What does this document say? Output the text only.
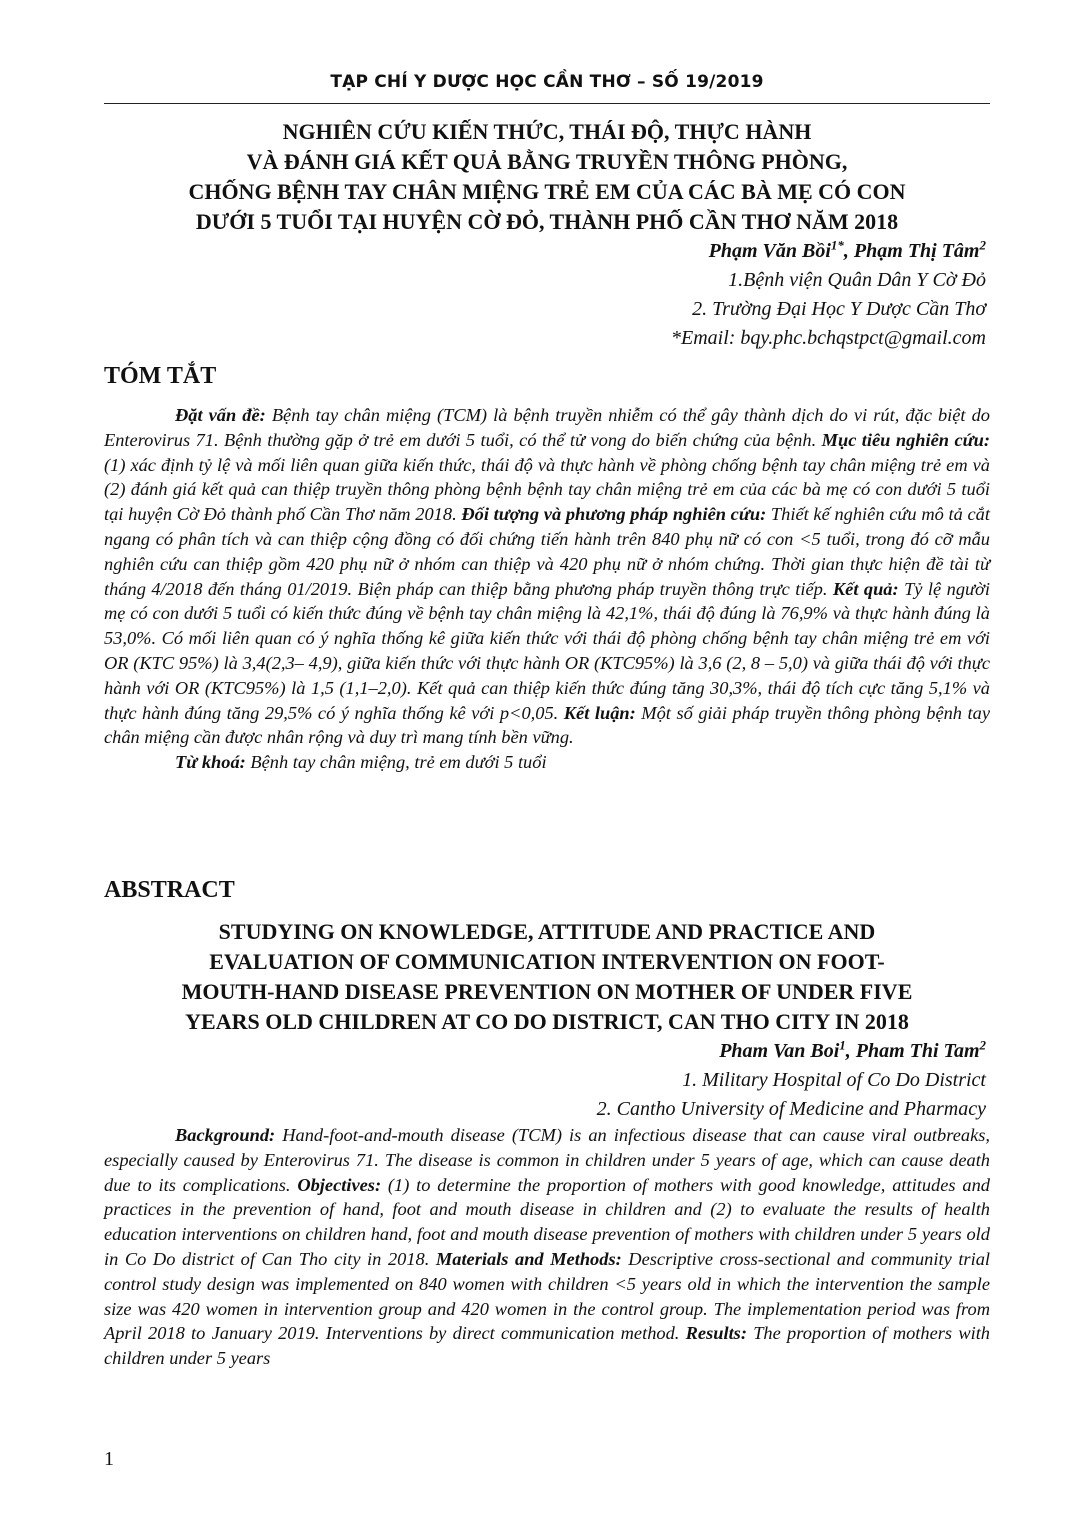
TẠP CHÍ Y DƯỢC HỌC CẦN THƠ – SỐ 19/2019
NGHIÊN CỨU KIẾN THỨC, THÁI ĐỘ, THỰC HÀNH
VÀ ĐÁNH GIÁ KẾT QUẢ BẰNG TRUYỀN THÔNG PHÒNG,
CHỐNG BỆNH TAY CHÂN MIỆNG TRẺ EM CỦA CÁC BÀ MẸ CÓ CON
DƯỚI 5 TUỔI TẠI HUYỆN CỜ ĐỎ, THÀNH PHỐ CẦN THƠ NĂM 2018
Phạm Văn Bồi$^{1*}$, Phạm Thị Tâm$^2$
1.Bệnh viện Quân Dân Y Cờ Đỏ
2. Trường Đại Học Y Dược Cần Thơ
*Email: bqy.phc.bchqstpct@gmail.com
TÓM TẮT

Đặt vấn đề: Bệnh tay chân miệng (TCM) là bệnh truyền nhiễm có thể gây thành dịch do vi rút, đặc biệt do Enterovirus 71. Bệnh thường gặp ở trẻ em dưới 5 tuổi, có thể tử vong do biến chứng của bệnh. Mục tiêu nghiên cứu: (1) xác định tỷ lệ và mối liên quan giữa kiến thức, thái độ và thực hành về phòng chống bệnh tay chân miệng trẻ em và (2) đánh giá kết quả can thiệp truyền thông phòng bệnh bệnh tay chân miệng trẻ em của các bà mẹ có con dưới 5 tuổi tại huyện Cờ Đỏ thành phố Cần Thơ năm 2018. Đối tượng và phương pháp nghiên cứu: Thiết kế nghiên cứu mô tả cắt ngang có phân tích và can thiệp cộng đồng có đối chứng tiến hành trên 840 phụ nữ có con <5 tuổi, trong đó cỡ mẫu nghiên cứu can thiệp gồm 420 phụ nữ ở nhóm can thiệp và 420 phụ nữ ở nhóm chứng. Thời gian thực hiện đề tài từ tháng 4/2018 đến tháng 01/2019. Biện pháp can thiệp bằng phương pháp truyền thông trực tiếp. Kết quả: Tỷ lệ người mẹ có con dưới 5 tuổi có kiến thức đúng về bệnh tay chân miệng là 42,1%, thái độ đúng là 76,9% và thực hành đúng là 53,0%. Có mối liên quan có ý nghĩa thống kê giữa kiến thức với thái độ phòng chống bệnh tay chân miệng trẻ em với OR (KTC 95%) là 3,4(2,3– 4,9), giữa kiến thức với thực hành OR (KTC95%) là 3,6 (2, 8 – 5,0) và giữa thái độ với thực hành với OR (KTC95%) là 1,5 (1,1–2,0). Kết quả can thiệp kiến thức đúng tăng 30,3%, thái độ tích cực tăng 5,1% và thực hành đúng tăng 29,5% có ý nghĩa thống kê với p<0,05. Kết luận: Một số giải pháp truyền thông phòng bệnh tay chân miệng cần được nhân rộng và duy trì mang tính bền vững.

Từ khoá: Bệnh tay chân miệng, trẻ em dưới 5 tuổi

ABSTRACT
STUDYING ON KNOWLEDGE, ATTITUDE AND PRACTICE AND
EVALUATION OF COMMUNICATION INTERVENTION ON FOOT-
MOUTH-HAND DISEASE PREVENTION ON MOTHER OF UNDER FIVE
YEARS OLD CHILDREN AT CO DO DISTRICT, CAN THO CITY IN 2018
Pham Van Boi$^1$, Pham Thi Tam$^2$
1. Military Hospital of Co Do District
2. Cantho University of Medicine and Pharmacy

Background: Hand-foot-and-mouth disease (TCM) is an infectious disease that can cause viral outbreaks, especially caused by Enterovirus 71. The disease is common in children under 5 years of age, which can cause death due to its complications. Objectives: (1) to determine the proportion of mothers with good knowledge, attitudes and practices in the prevention of hand, foot and mouth disease in children and (2) to evaluate the results of health education interventions on children hand, foot and mouth disease prevention of mothers with children under 5 years old in Co Do district of Can Tho city in 2018. Materials and Methods: Descriptive cross-sectional and community trial control study design was implemented on 840 women with children <5 years old in which the intervention the sample size was 420 women in intervention group and 420 women in the control group. The implementation period was from April 2018 to January 2019. Interventions by direct communication method. Results: The proportion of mothers with children under 5 years

1
